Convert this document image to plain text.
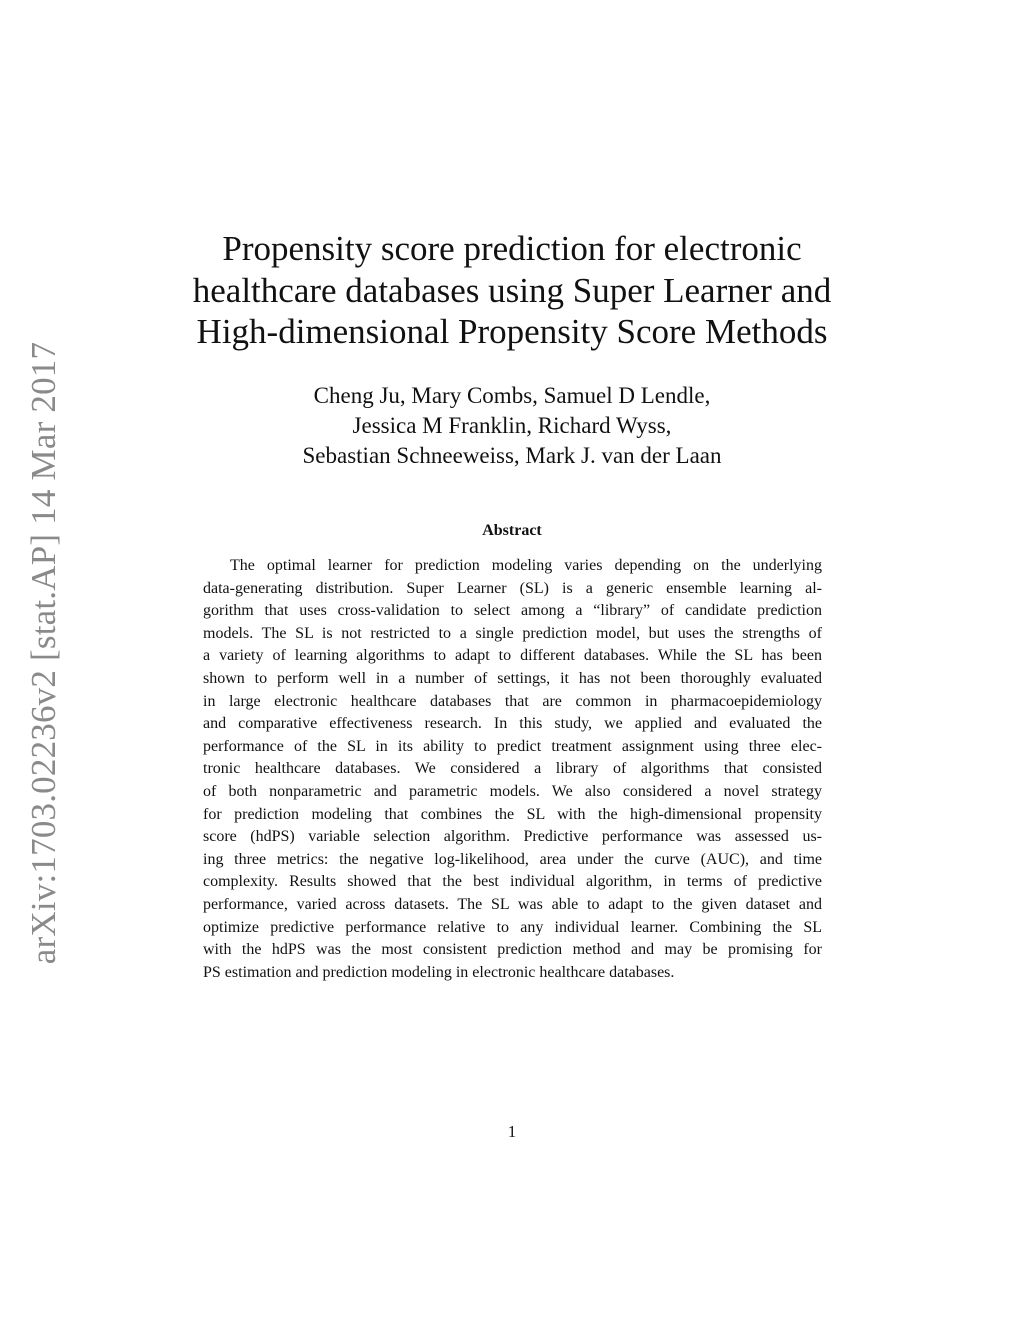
arXiv:1703.02236v2 [stat.AP] 14 Mar 2017
Propensity score prediction for electronic
healthcare databases using Super Learner and
High-dimensional Propensity Score Methods
Cheng Ju, Mary Combs, Samuel D Lendle,
Jessica M Franklin, Richard Wyss,
Sebastian Schneeweiss, Mark J. van der Laan
Abstract
The optimal learner for prediction modeling varies depending on the underlying
data-generating distribution. Super Learner (SL) is a generic ensemble learning al-
gorithm that uses cross-validation to select among a “library” of candidate prediction
models. The SL is not restricted to a single prediction model, but uses the strengths of
a variety of learning algorithms to adapt to different databases. While the SL has been
shown to perform well in a number of settings, it has not been thoroughly evaluated
in large electronic healthcare databases that are common in pharmacoepidemiology
and comparative effectiveness research. In this study, we applied and evaluated the
performance of the SL in its ability to predict treatment assignment using three elec-
tronic healthcare databases. We considered a library of algorithms that consisted
of both nonparametric and parametric models. We also considered a novel strategy
for prediction modeling that combines the SL with the high-dimensional propensity
score (hdPS) variable selection algorithm. Predictive performance was assessed us-
ing three metrics: the negative log-likelihood, area under the curve (AUC), and time
complexity. Results showed that the best individual algorithm, in terms of predictive
performance, varied across datasets. The SL was able to adapt to the given dataset and
optimize predictive performance relative to any individual learner. Combining the SL
with the hdPS was the most consistent prediction method and may be promising for
PS estimation and prediction modeling in electronic healthcare databases.
1
